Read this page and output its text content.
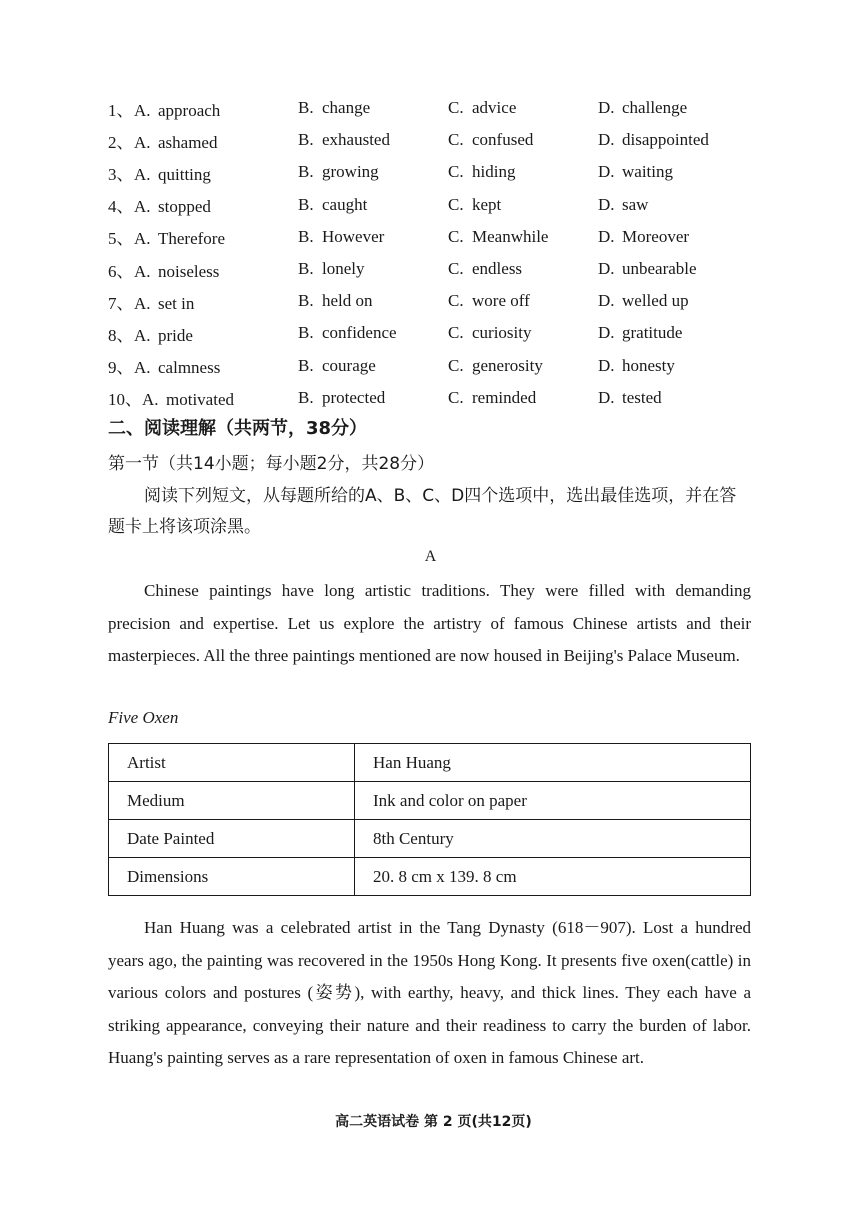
1、A. approach	B. change	C. advice	D. challenge
2、A. ashamed	B. exhausted	C. confused	D. disappointed
3、A. quitting	B. growing	C. hiding	D. waiting
4、A. stopped	B. caught	C. kept	D. saw
5、A. Therefore	B. However	C. Meanwhile	D. Moreover
6、A. noiseless	B. lonely	C. endless	D. unbearable
7、A. set in	B. held on	C. wore off	D. welled up
8、A. pride	B. confidence	C. curiosity	D. gratitude
9、A. calmness	B. courage	C. generosity	D. honesty
10、A. motivated	B. protected	C. reminded	D. tested
二、阅读理解（共两节，38分）
第一节（共14小题；每小题2分，共28分）
阅读下列短文，从每题所给的A、B、C、D四个选项中，选出最佳选项，并在答题卡上将该项涂黑。
A

Chinese paintings have long artistic traditions. They were filled with demanding precision and expertise. Let us explore the artistry of famous Chinese artists and their masterpieces. All the three paintings mentioned are now housed in Beijing's Palace Museum.

Five Oxen
Artist	Han Huang
Medium	Ink and color on paper
Date Painted	8th Century
Dimensions	20. 8 cm x 139. 8 cm

Han Huang was a celebrated artist in the Tang Dynasty (618－907). Lost a hundred years ago, the painting was recovered in the 1950s Hong Kong. It presents five oxen(cattle) in various colors and postures (姿势), with earthy, heavy, and thick lines. They each have a striking appearance, conveying their nature and their readiness to carry the burden of labor. Huang's painting serves as a rare representation of oxen in famous Chinese art.

高二英语试卷 第 2 页(共12页)
